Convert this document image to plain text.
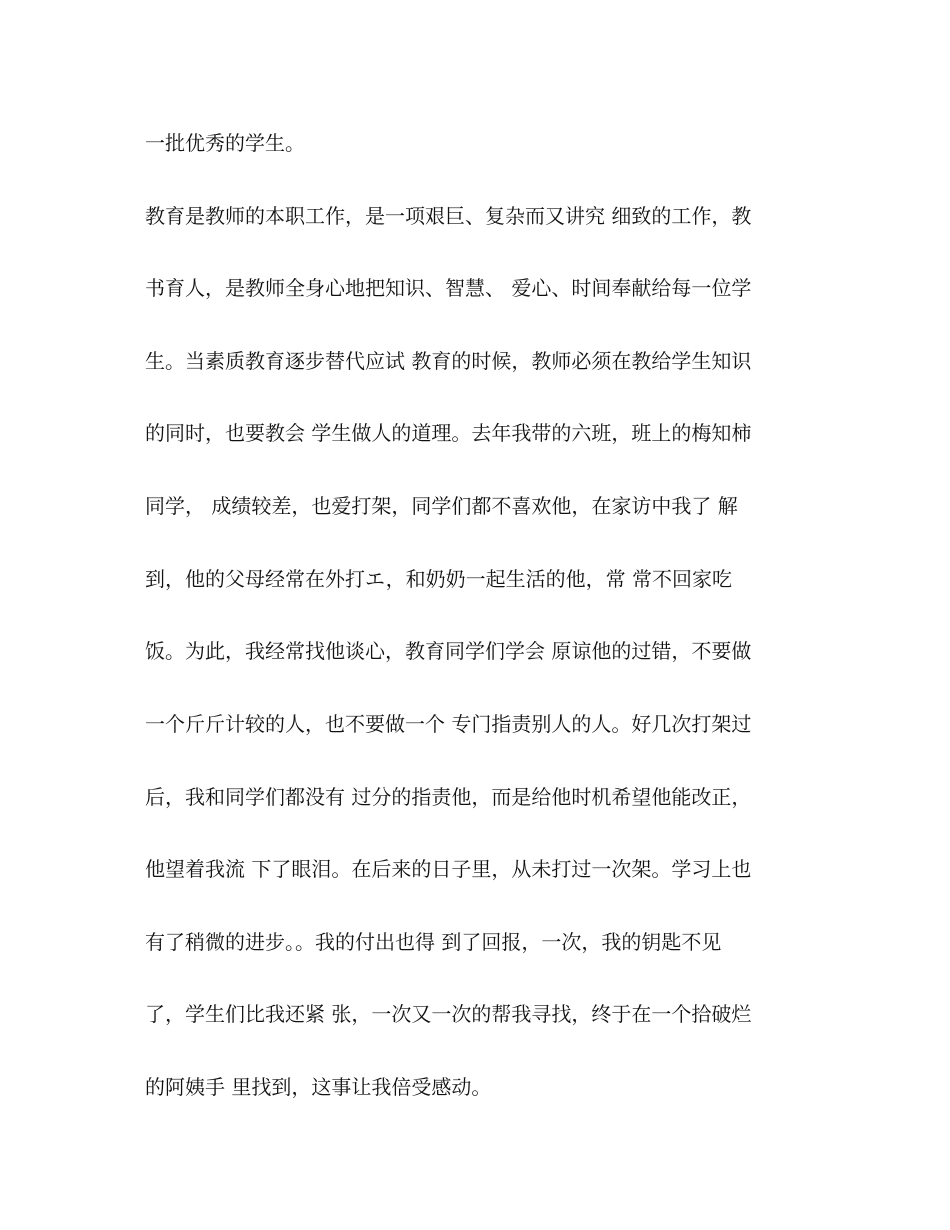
一批优秀的学生。
教育是教师的本职工作，是一项艰巨、复杂而又讲究 细致的工作，教
书育人，是教师全身心地把知识、智慧、 爱心、时间奉献给每一位学
生。当素质教育逐步替代应试 教育的时候，教师必须在教给学生知识
的同时，也要教会 学生做人的道理。去年我带的六班，班上的梅知柿
同学， 成绩较差，也爱打架，同学们都不喜欢他，在家访中我了 解
到，他的父母经常在外打エ，和奶奶一起生活的他，常 常不回家吃
饭。为此，我经常找他谈心，教育同学们学会 原谅他的过错，不要做
一个斤斤计较的人，也不要做一个 专门指责别人的人。好几次打架过
后，我和同学们都没有 过分的指责他，而是给他时机希望他能改正，
他望着我流 下了眼泪。在后来的日子里，从未打过一次架。学习上也
有了稍微的进步。。我的付出也得 到了回报，一次，我的钥匙不见
了，学生们比我还紧 张，一次又一次的帮我寻找，终于在一个拾破烂
的阿姨手 里找到，这事让我倍受感动。
